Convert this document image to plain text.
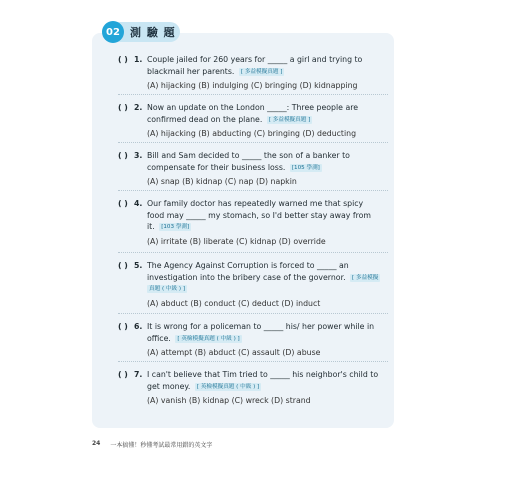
測 驗 題
02
( ) 1. Couple jailed for 260 years for _____ a girl and trying to
blackmail her parents. [ 多益模擬真題 ]
(A) hijacking (B) indulging (C) bringing (D) kidnapping
( ) 2. Now an update on the London _____: Three people are
confirmed dead on the plane. [ 多益模擬真題 ]
(A) hijacking (B) abducting (C) bringing (D) deducting
( ) 3. Bill and Sam decided to _____ the son of a banker to
compensate for their business loss. [105 學測]
(A) snap (B) kidnap (C) nap (D) napkin
( ) 4. Our family doctor has repeatedly warned me that spicy
food may _____ my stomach, so I'd better stay away from
it. [103 學測]
(A) irritate (B) liberate (C) kidnap (D) override
( ) 5. The Agency Against Corruption is forced to _____ an
investigation into the bribery case of the governor. [ 多益模擬
真題 ( 中級 ) ]
(A) abduct (B) conduct (C) deduct (D) induct
( ) 6. It is wrong for a policeman to _____ his/ her power while in
office. [ 英檢模擬真題 ( 中級 ) ]
(A) attempt (B) abduct (C) assault (D) abuse
( ) 7. I can't believe that Tim tried to _____ his neighbor's child to
get money. [ 英檢模擬真題 ( 中級 ) ]
(A) vanish (B) kidnap (C) wreck (D) strand
24 一本搞懂！秒懂考試最常用錯的英文字
